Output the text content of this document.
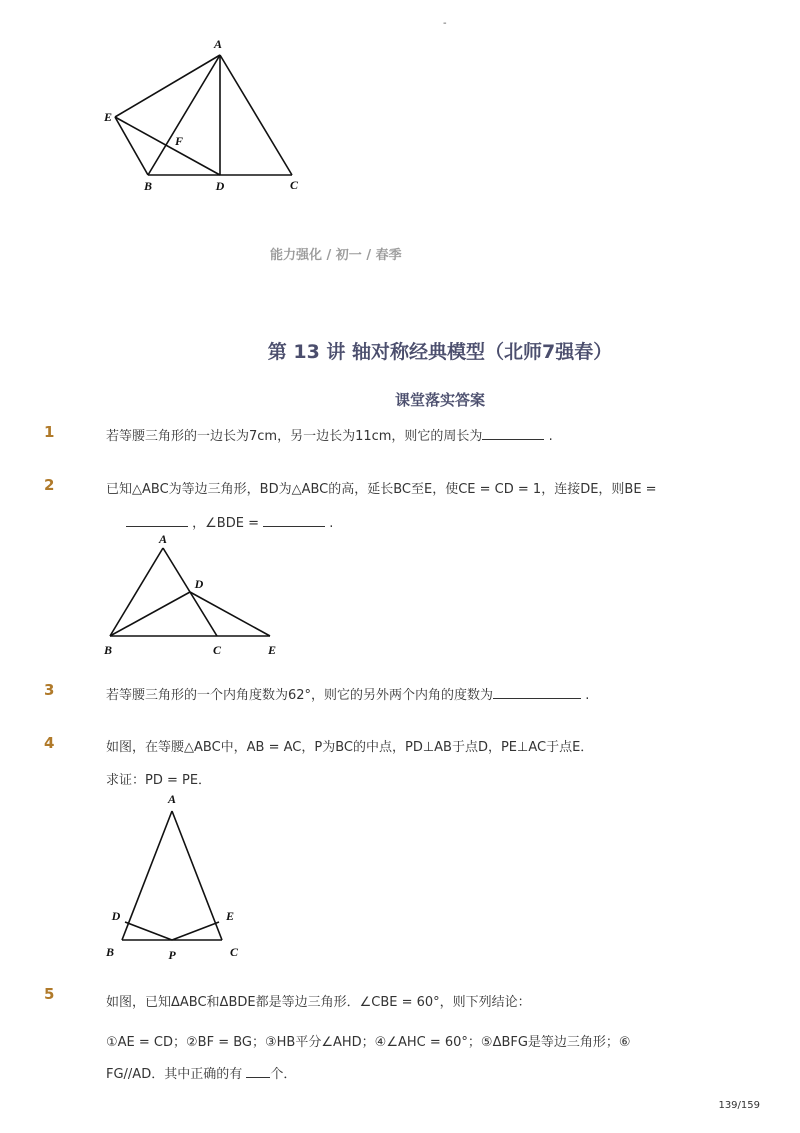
-
A
E
F
B	D	C
A
D
B	C	E
A
D	E
B	P	C
能力强化 / 初一 / 春季
第 13 讲 轴对称经典模型（北师7强春）
课堂落实答案
1	若等腰三角形的一边长为7cm，另一边长为11cm，则它的周长为	.
2	已知△ABC为等边三角形，BD为△ABC的高，延长BC至E，使CE = CD = 1，连接DE，则BE =
，∠BDE =	.
3	若等腰三角形的一个内角度数为62°，则它的另外两个内角的度数为	.
4	如图，在等腰△ABC中，AB = AC，P为BC的中点，PD⊥AB于点D，PE⊥AC于点E．
求证：PD = PE．
5	如图，已知ΔABC和ΔBDE都是等边三角形．∠CBE = 60°，则下列结论：
①AE = CD；②BF = BG；③HB平分∠AHD；④∠AHC = 60°；⑤ΔBFG是等边三角形；⑥
FG//AD．其中正确的有 个．
139/159
